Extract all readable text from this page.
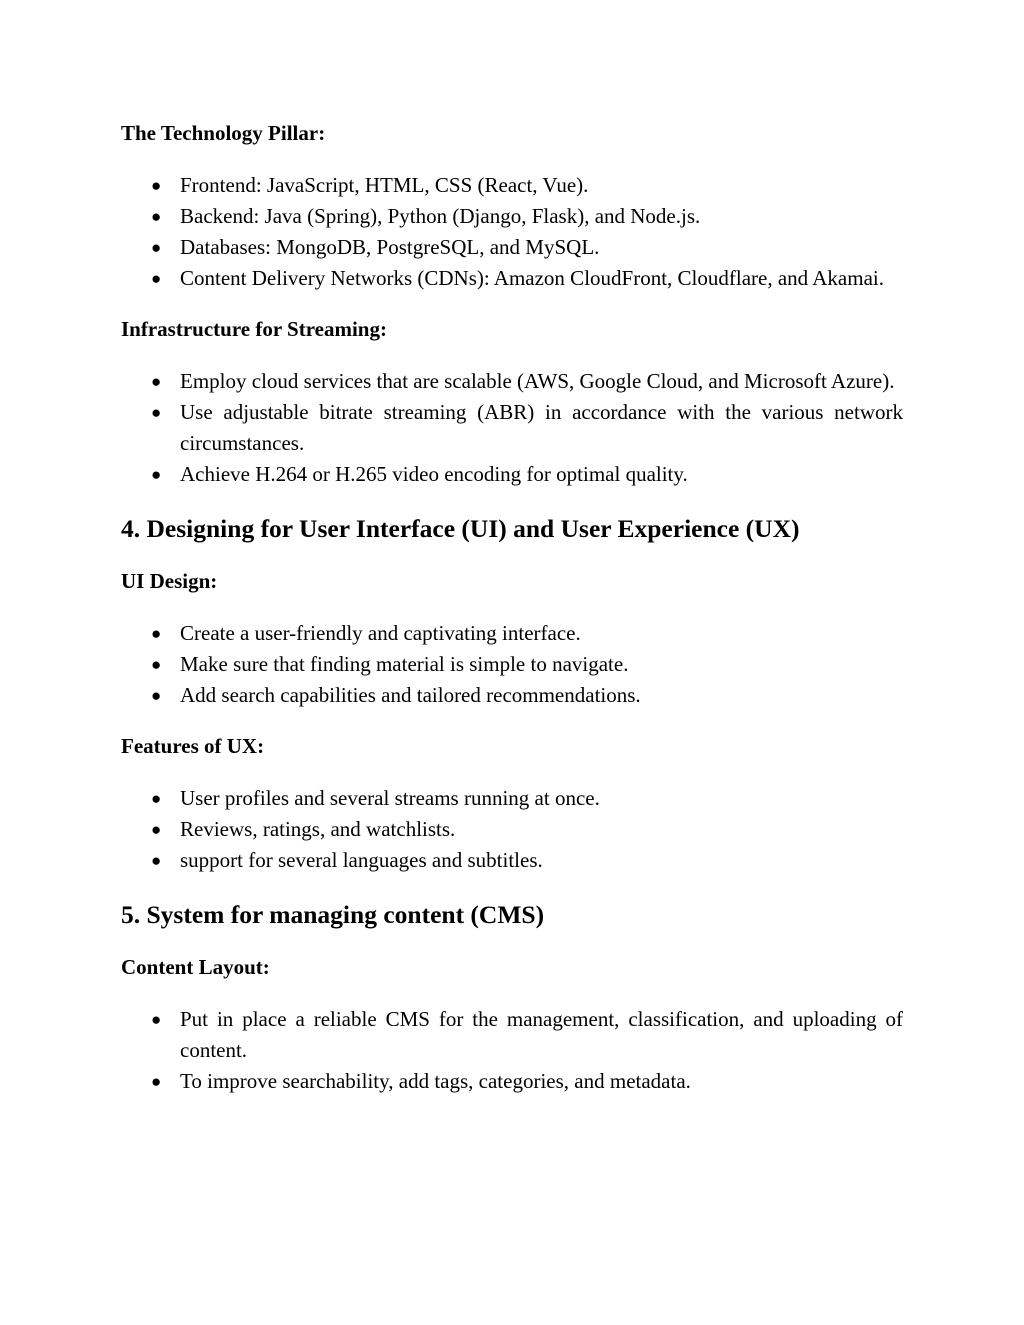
The Technology Pillar:

● Frontend: JavaScript, HTML, CSS (React, Vue).
● Backend: Java (Spring), Python (Django, Flask), and Node.js.
● Databases: MongoDB, PostgreSQL, and MySQL.
● Content Delivery Networks (CDNs): Amazon CloudFront, Cloudflare, and Akamai.

Infrastructure for Streaming:

● Employ cloud services that are scalable (AWS, Google Cloud, and Microsoft Azure).
● Use adjustable bitrate streaming (ABR) in accordance with the various network circumstances.
● Achieve H.264 or H.265 video encoding for optimal quality.
4. Designing for User Interface (UI) and User Experience (UX)

UI Design:

● Create a user-friendly and captivating interface.
● Make sure that finding material is simple to navigate.
● Add search capabilities and tailored recommendations.

Features of UX:

● User profiles and several streams running at once.
● Reviews, ratings, and watchlists.
● support for several languages and subtitles.
5. System for managing content (CMS)

Content Layout:

● Put in place a reliable CMS for the management, classification, and uploading of content.
● To improve searchability, add tags, categories, and metadata.
